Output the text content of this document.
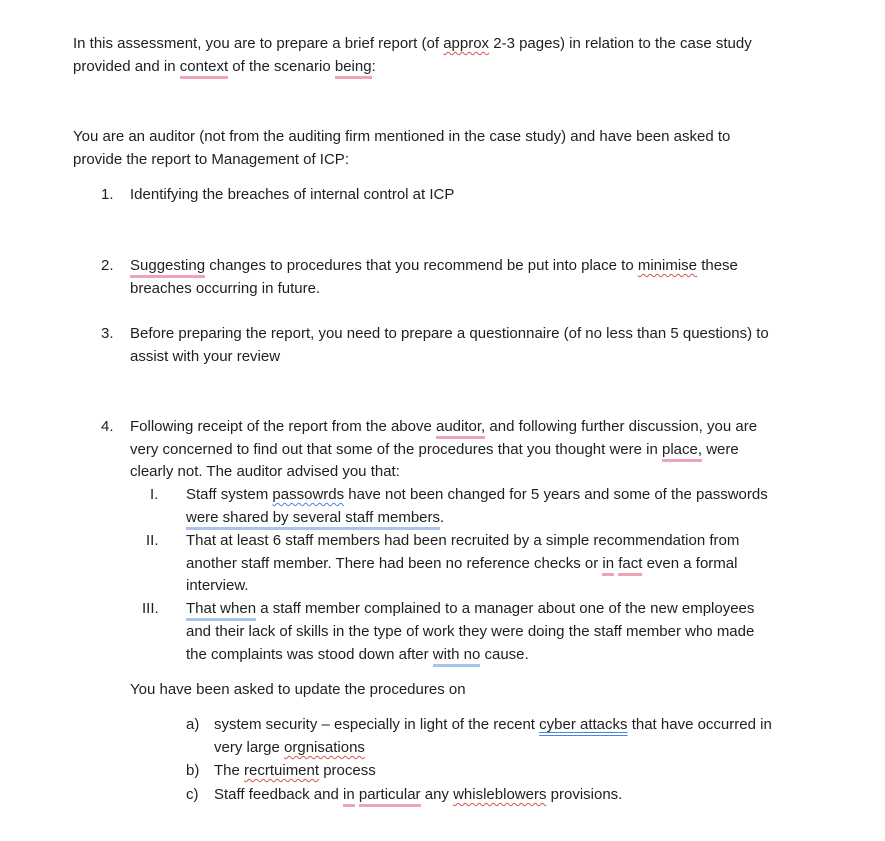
In this assessment, you are to prepare a brief report (of approx 2-3 pages) in relation to the case study
provided and in context of the scenario being:
You are an auditor (not from the auditing firm mentioned in the case study) and have been asked to
provide the report to Management of ICP:
1. Identifying the breaches of internal control at ICP
2. Suggesting changes to procedures that you recommend be put into place to minimise these
breaches occurring in future.
3. Before preparing the report, you need to prepare a questionnaire (of no less than 5 questions) to
assist with your review
4. Following receipt of the report from the above auditor, and following further discussion, you are
very concerned to find out that some of the procedures that you thought were in place, were
clearly not. The auditor advised you that:
I. Staff system passowrds have not been changed for 5 years and some of the passwords
were shared by several staff members.
II. That at least 6 staff members had been recruited by a simple recommendation from
another staff member. There had been no reference checks or in fact even a formal
interview.
III. That when a staff member complained to a manager about one of the new employees
and their lack of skills in the type of work they were doing the staff member who made
the complaints was stood down after with no cause.
You have been asked to update the procedures on
a) system security – especially in light of the recent cyber attacks that have occurred in
very large orgnisations
b) The recrtuiment process
c) Staff feedback and in particular any whisleblowers provisions.
